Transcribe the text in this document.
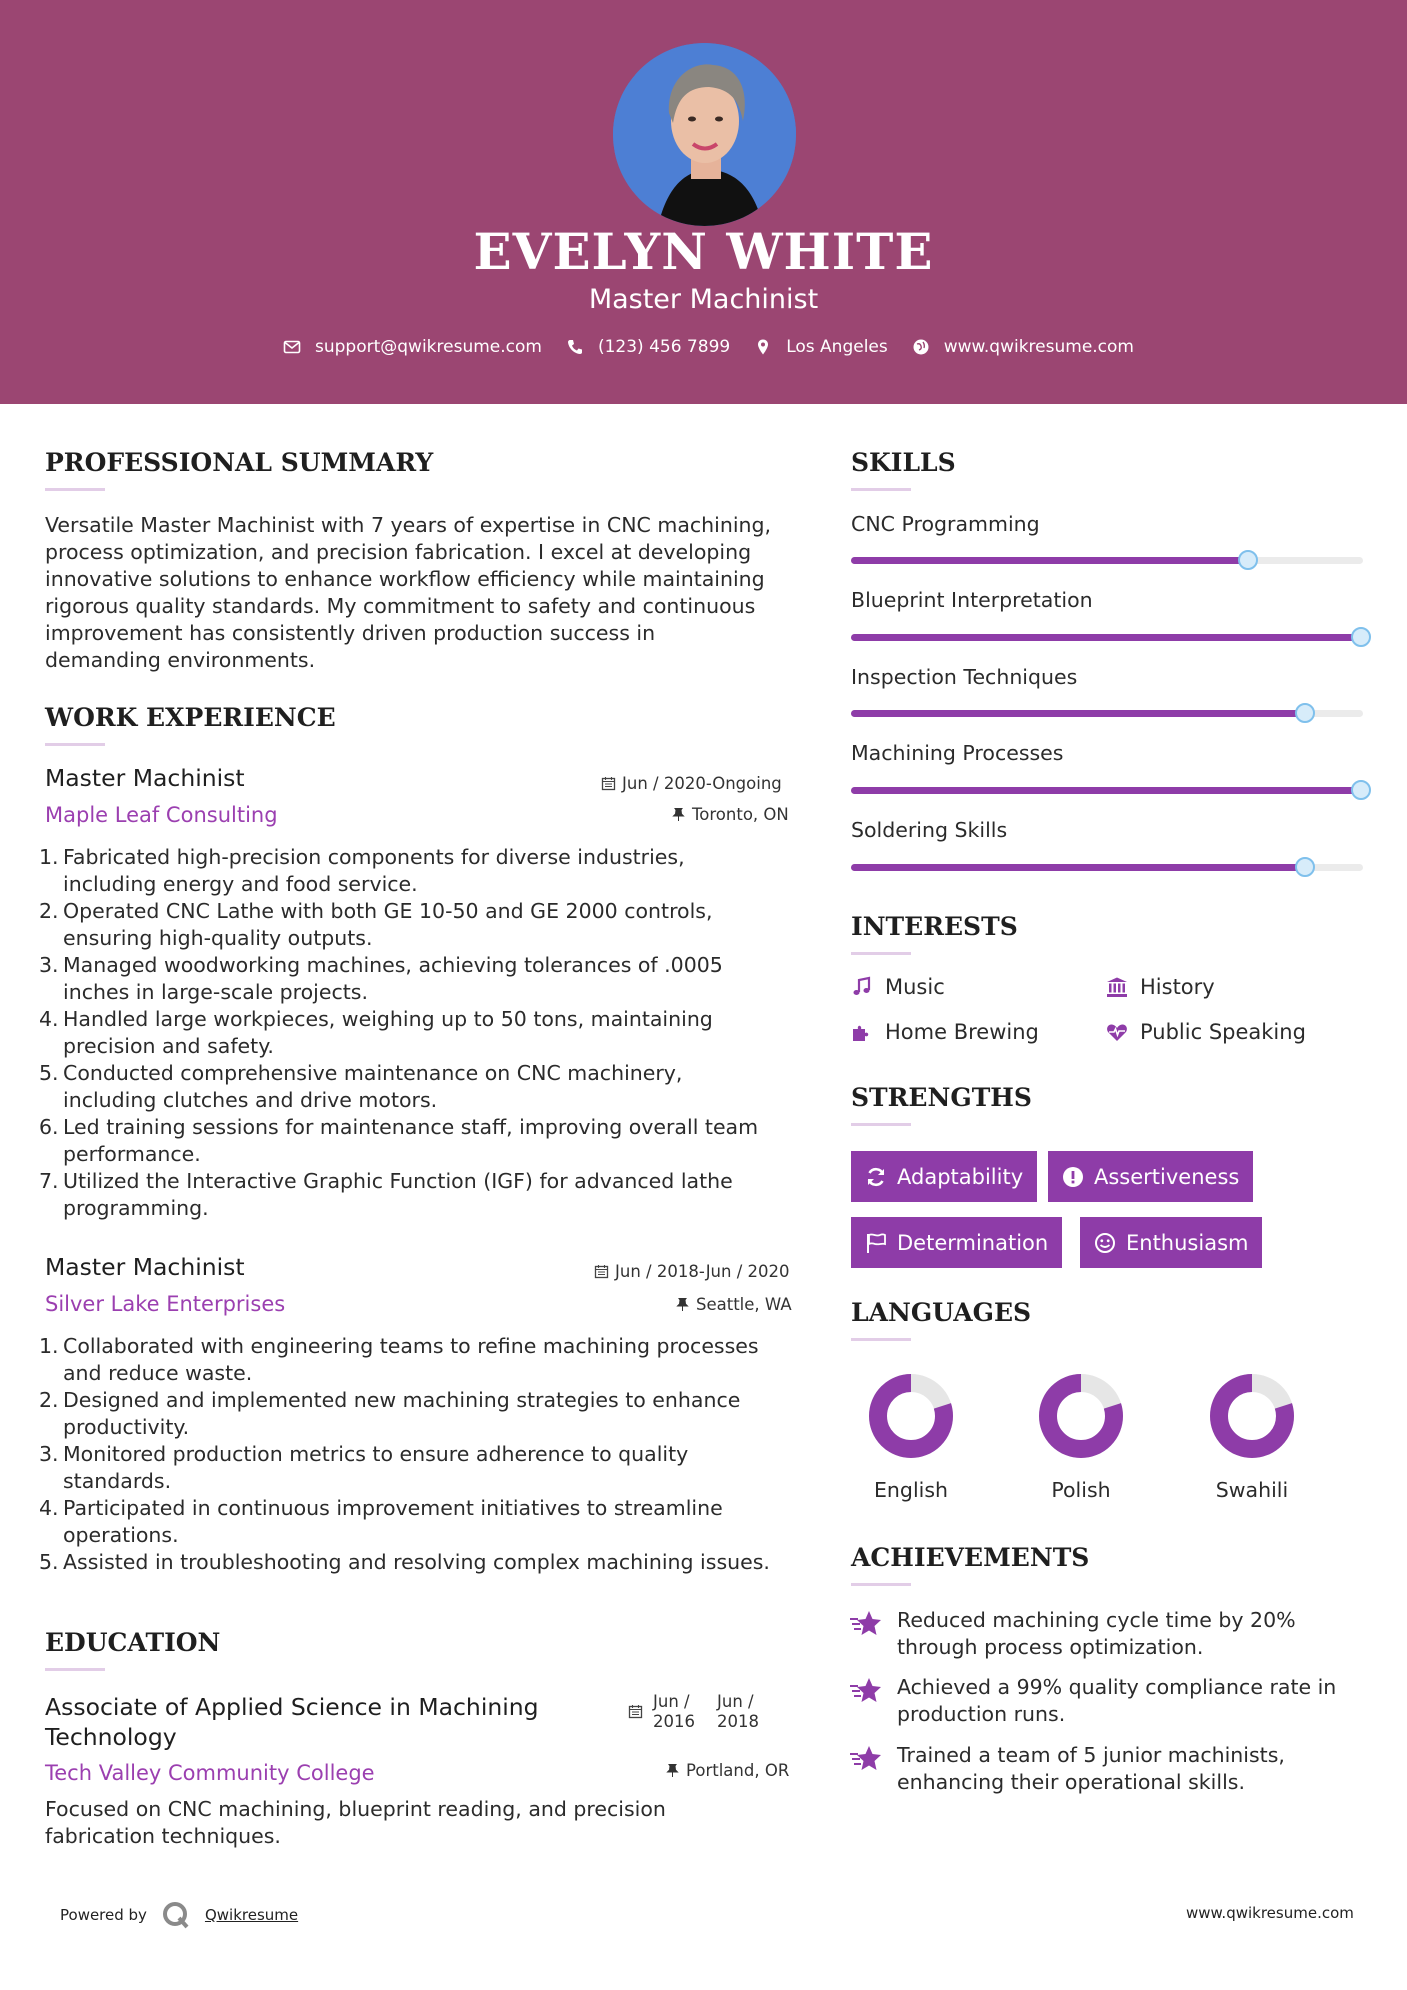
EVELYN WHITE
Master Machinist
support@qwikresume.com	(123) 456 7899	Los Angeles	www.qwikresume.com
PROFESSIONAL SUMMARY
Versatile Master Machinist with 7 years of expertise in CNC machining,
process optimization, and precision fabrication. I excel at developing
innovative solutions to enhance workflow efficiency while maintaining
rigorous quality standards. My commitment to safety and continuous
improvement has consistently driven production success in
demanding environments.
WORK EXPERIENCE
Master Machinist
Maple Leaf Consulting
Jun / 2020-Ongoing
Toronto, ON
1. Fabricated high-precision components for diverse industries,
including energy and food service.
2. Operated CNC Lathe with both GE 10-50 and GE 2000 controls,
ensuring high-quality outputs.
3. Managed woodworking machines, achieving tolerances of .0005
inches in large-scale projects.
4. Handled large workpieces, weighing up to 50 tons, maintaining
precision and safety.
5. Conducted comprehensive maintenance on CNC machinery,
including clutches and drive motors.
6. Led training sessions for maintenance staff, improving overall team
performance.
7. Utilized the Interactive Graphic Function (IGF) for advanced lathe
programming.
Master Machinist
Silver Lake Enterprises
Jun / 2018-Jun / 2020
Seattle, WA
1. Collaborated with engineering teams to refine machining processes
and reduce waste.
2. Designed and implemented new machining strategies to enhance
productivity.
3. Monitored production metrics to ensure adherence to quality
standards.
4. Participated in continuous improvement initiatives to streamline
operations.
5. Assisted in troubleshooting and resolving complex machining issues.
EDUCATION
Associate of Applied Science in Machining
Technology
Tech Valley Community College
Jun /
2016
Jun /
2018
Portland, OR
Focused on CNC machining, blueprint reading, and precision
fabrication techniques.
SKILLS
CNC Programming
Blueprint Interpretation
Inspection Techniques
Machining Processes
Soldering Skills
INTERESTS
Music	History
Home Brewing	Public Speaking
STRENGTHS
Adaptability	Assertiveness
Determination	Enthusiasm
LANGUAGES
English	Polish	Swahili
ACHIEVEMENTS
Reduced machining cycle time by 20%
through process optimization.
Achieved a 99% quality compliance rate in
production runs.
Trained a team of 5 junior machinists,
enhancing their operational skills.
Powered by	Qwikresume	www.qwikresume.com
